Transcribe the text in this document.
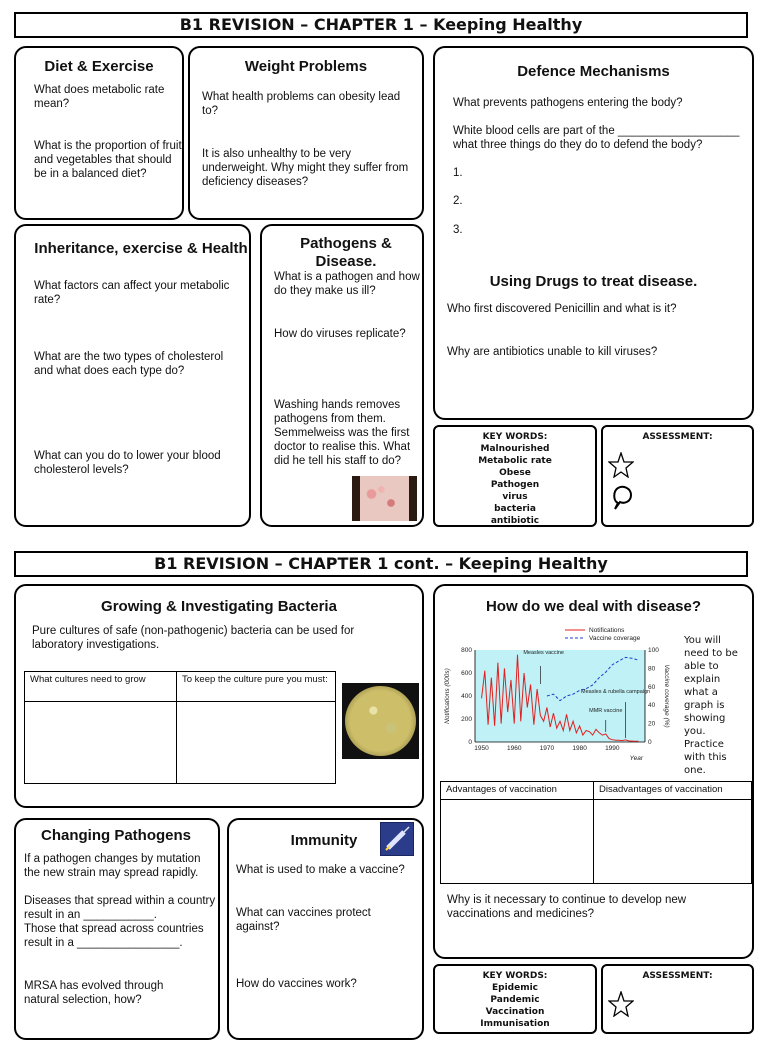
B1 REVISION – CHAPTER 1 – Keeping Healthy
Diet & Exercise
What does metabolic rate mean?
What is the proportion of fruit and vegetables that should be in a balanced diet?
Weight Problems
What health problems can obesity lead to?
It is also unhealthy to be very underweight. Why might they suffer from deficiency diseases?
Defence Mechanisms
What prevents pathogens entering the body?
White blood cells are part of the ___________________ what three things do they do to defend the body?
1.
2.
3.
Using Drugs to treat disease.
Who first discovered Penicillin and what is it?
Why are antibiotics unable to kill viruses?
Inheritance, exercise & Health
What factors can affect your metabolic rate?
What are the two types of cholesterol and what does each type do?
What can you do to lower your blood cholesterol levels?
Pathogens & Disease.
What is a pathogen and how do they make us ill?
How do viruses replicate?
Washing hands removes pathogens from them. Semmelweiss was the first doctor to realise this. What did he tell his staff to do?
KEY WORDS:
Malnourished
Metabolic rate
Obese
Pathogen
virus
bacteria
antibiotic
ASSESSMENT:
B1 REVISION – CHAPTER 1 cont. – Keeping Healthy
Growing & Investigating Bacteria
Pure cultures of safe (non-pathogenic) bacteria can be used for laboratory investigations.
What cultures need to grow	To keep the culture pure you must:

How do we deal with disease?
1950	1960	1970	1980	1990
0
200
400
600
800
0
20
40
60
80
100
Year
Notifications (000s)	Vaccine coverage (%)
Notifications
Vaccine coverage
Measles vaccine
Measles & rubella campaign
MMR vaccine
You will need to be able to explain what a graph is showing you. Practice with this one.
Advantages of vaccination	Disadvantages of vaccination

Why is it necessary to continue to develop new vaccinations and medicines?
Changing Pathogens
If a pathogen changes by mutation the new strain may spread rapidly.
Diseases that spread within a country result in an ___________.
Those that spread across countries result in a ________________.
MRSA has evolved through natural selection, how?
Immunity
What is used to make a vaccine?
What can vaccines protect against?
How do vaccines work?
KEY WORDS:
Epidemic
Pandemic
Vaccination
Immunisation
ASSESSMENT:
